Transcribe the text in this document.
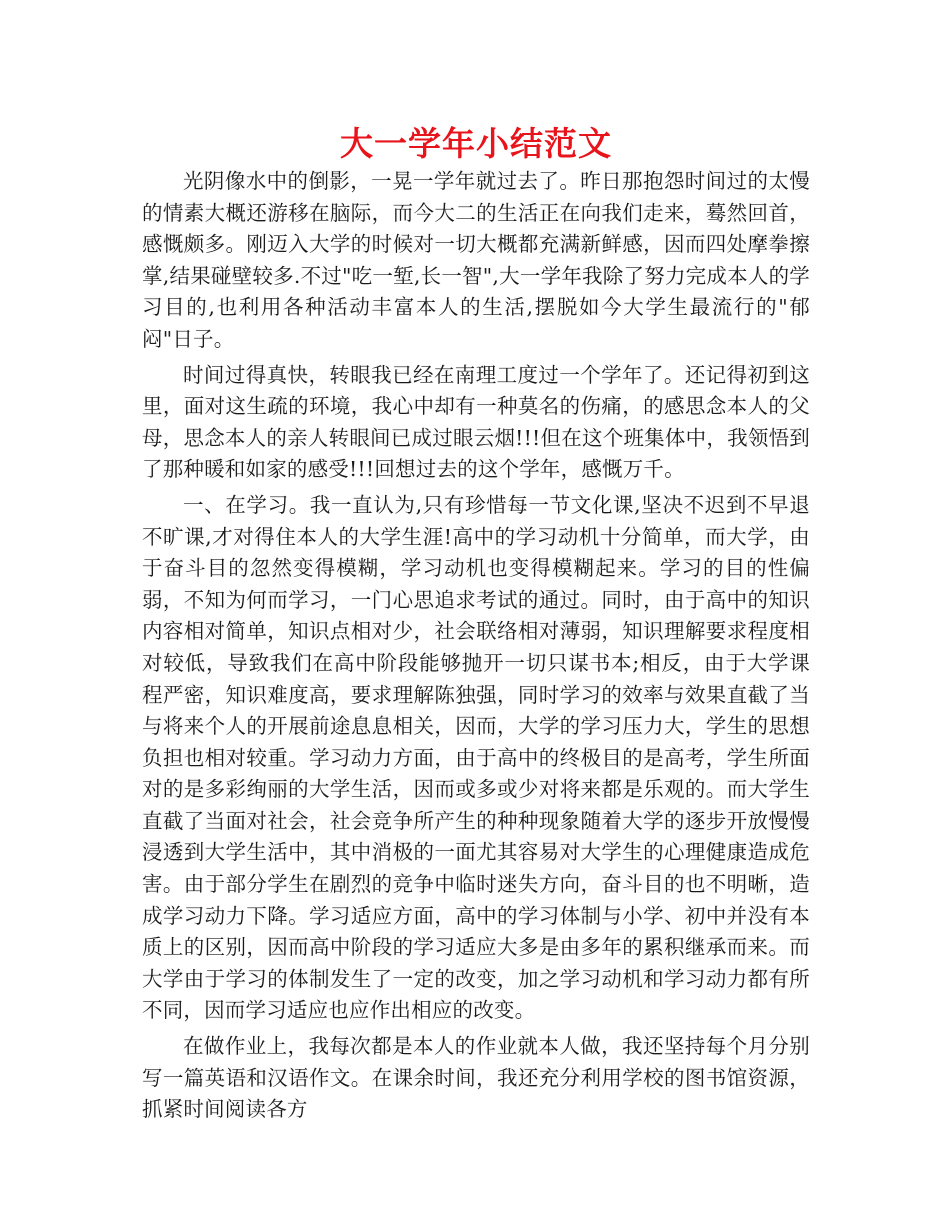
大一学年小结范文

光阴像水中的倒影，一晃一学年就过去了。昨日那抱怨时间过的太慢的情素大概还游移在脑际，而今大二的生活正在向我们走来，蓦然回首，感慨颇多。刚迈入大学的时候对一切大概都充满新鲜感，因而四处摩拳擦掌,结果碰壁较多.不过"吃一堑,长一智",大一学年我除了努力完成本人的学习目的,也利用各种活动丰富本人的生活,摆脱如今大学生最流行的"郁闷"日子。

时间过得真快，转眼我已经在南理工度过一个学年了。还记得初到这里，面对这生疏的环境，我心中却有一种莫名的伤痛，的感思念本人的父母，思念本人的亲人转眼间已成过眼云烟!!!但在这个班集体中，我领悟到了那种暖和如家的感受!!!回想过去的这个学年，感慨万千。

一、在学习。我一直认为,只有珍惜每一节文化课,坚决不迟到不早退不旷课,才对得住本人的大学生涯!高中的学习动机十分简单，而大学，由于奋斗目的忽然变得模糊，学习动机也变得模糊起来。学习的目的性偏弱，不知为何而学习，一门心思追求考试的通过。同时，由于高中的知识内容相对简单，知识点相对少，社会联络相对薄弱，知识理解要求程度相对较低，导致我们在高中阶段能够抛开一切只谋书本;相反，由于大学课程严密，知识难度高，要求理解陈独强，同时学习的效率与效果直截了当与将来个人的开展前途息息相关，因而，大学的学习压力大，学生的思想负担也相对较重。学习动力方面，由于高中的终极目的是高考，学生所面对的是多彩绚丽的大学生活，因而或多或少对将来都是乐观的。而大学生直截了当面对社会，社会竞争所产生的种种现象随着大学的逐步开放慢慢浸透到大学生活中，其中消极的一面尤其容易对大学生的心理健康造成危害。由于部分学生在剧烈的竞争中临时迷失方向，奋斗目的也不明晰，造成学习动力下降。学习适应方面，高中的学习体制与小学、初中并没有本质上的区别，因而高中阶段的学习适应大多是由多年的累积继承而来。而大学由于学习的体制发生了一定的改变，加之学习动机和学习动力都有所不同，因而学习适应也应作出相应的改变。

在做作业上，我每次都是本人的作业就本人做，我还坚持每个月分别写一篇英语和汉语作文。在课余时间，我还充分利用学校的图书馆资源，抓紧时间阅读各方
